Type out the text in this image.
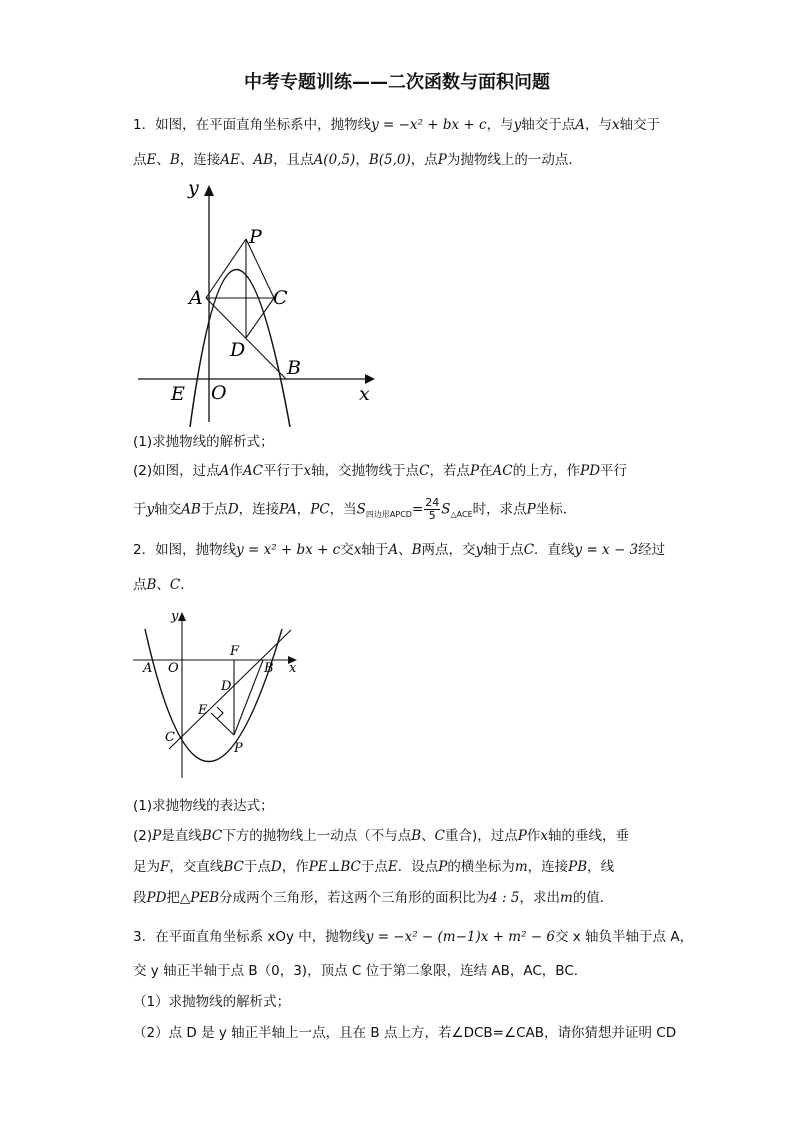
中考专题训练——二次函数与面积问题
1．如图，在平面直角坐标系中，抛物线y = −x² + bx + c，与y轴交于点A，与x轴交于
点E、B，连接AE、AB，且点A(0,5)，B(5,0)，点P为抛物线上的一动点．
y
P
A	C
D
B
E O	x
(1)求抛物线的解析式；
(2)如图，过点A作AC平行于x轴，交抛物线于点C，若点P在AC的上方，作PD平行
于y轴交AB于点D，连接PA，PC，当$S_{四边形APCD}= \frac{24}{5} S_{\triangle ACE}$时，求点P坐标．
2．如图，抛物线y = x² + bx + c交x轴于A、B两点，交y轴于点C．直线y = x − 3经过
点B、C．
y
F
B x
A O
D
E
C
P
(1)求抛物线的表达式；
(2)P是直线BC下方的抛物线上一动点（不与点B、C重合)，过点P作x轴的垂线，垂
足为F，交直线BC于点D，作PE⊥BC于点E．设点P的横坐标为m，连接PB，线
段PD把△PEB分成两个三角形，若这两个三角形的面积比为4 : 5，求出m的值．
3．在平面直角坐标系 xOy 中，抛物线y = −x² − (m−1)x + m² − 6交 x 轴负半轴于点 A，
交 y 轴正半轴于点 B（0，3)，顶点 C 位于第二象限，连结 AB，AC，BC．
（1）求抛物线的解析式；
（2）点 D 是 y 轴正半轴上一点，且在 B 点上方，若∠DCB=∠CAB，请你猜想并证明 CD
